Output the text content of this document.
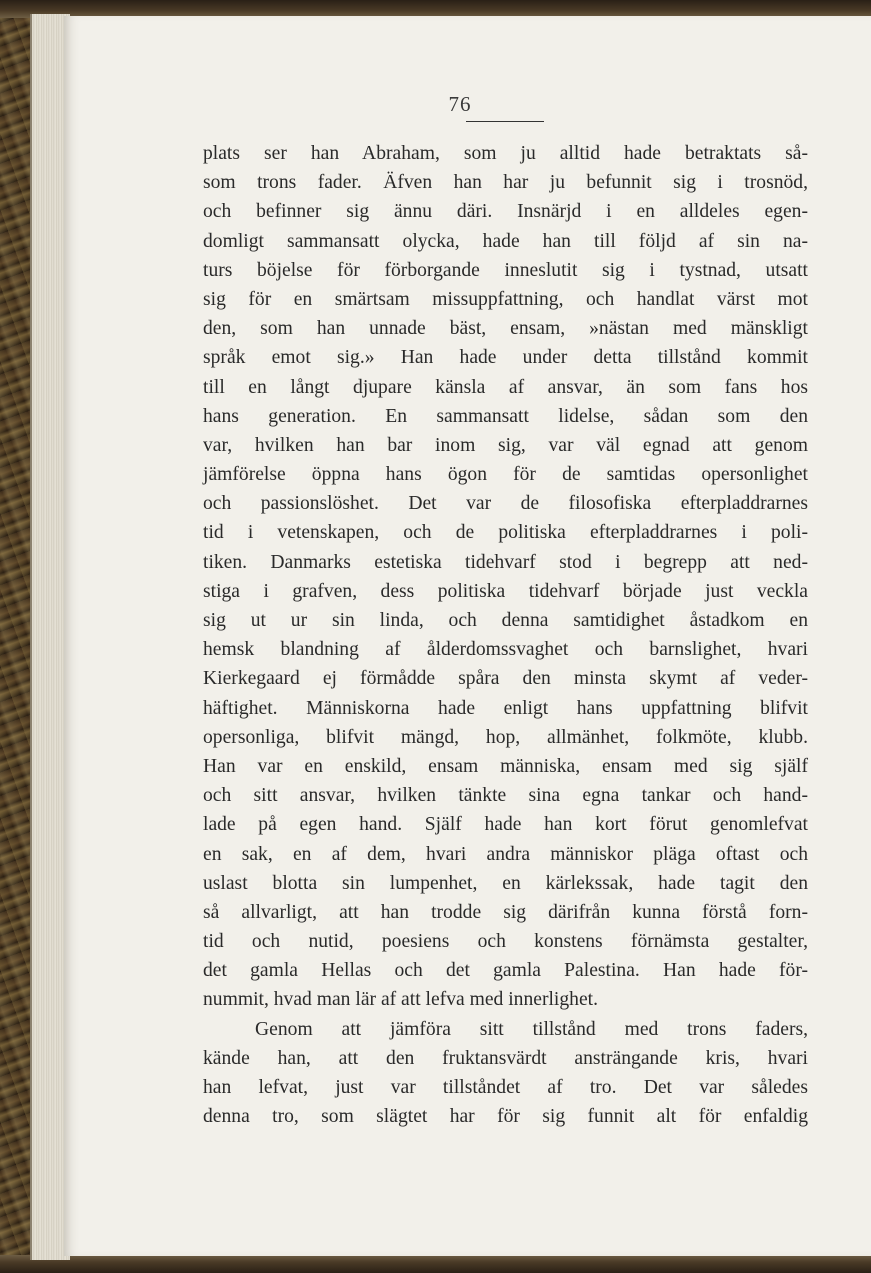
76
plats ser han Abraham, som ju alltid hade betraktats så-
som trons fader. Äfven han har ju befunnit sig i trosnöd,
och befinner sig ännu däri. Insnärjd i en alldeles egen-
domligt sammansatt olycka, hade han till följd af sin na-
turs böjelse för förborgande inneslutit sig i tystnad, utsatt
sig för en smärtsam missuppfattning, och handlat värst mot
den, som han unnade bäst, ensam, »nästan med mänskligt
språk emot sig.» Han hade under detta tillstånd kommit
till en långt djupare känsla af ansvar, än som fans hos
hans generation. En sammansatt lidelse, sådan som den
var, hvilken han bar inom sig, var väl egnad att genom
jämförelse öppna hans ögon för de samtidas opersonlighet
och passionslöshet. Det var de filosofiska efterpladdrarnes
tid i vetenskapen, och de politiska efterpladdrarnes i poli-
tiken. Danmarks estetiska tidehvarf stod i begrepp att ned-
stiga i grafven, dess politiska tidehvarf började just veckla
sig ut ur sin linda, och denna samtidighet åstadkom en
hemsk blandning af ålderdomssvaghet och barnslighet, hvari
Kierkegaard ej förmådde spåra den minsta skymt af veder-
häftighet. Människorna hade enligt hans uppfattning blifvit
opersonliga, blifvit mängd, hop, allmänhet, folkmöte, klubb.
Han var en enskild, ensam människa, ensam med sig själf
och sitt ansvar, hvilken tänkte sina egna tankar och hand-
lade på egen hand. Själf hade han kort förut genomlefvat
en sak, en af dem, hvari andra människor pläga oftast och
uslast blotta sin lumpenhet, en kärlekssak, hade tagit den
så allvarligt, att han trodde sig därifrån kunna förstå forn-
tid och nutid, poesiens och konstens förnämsta gestalter,
det gamla Hellas och det gamla Palestina. Han hade för-
nummit, hvad man lär af att lefva med innerlighet.
Genom att jämföra sitt tillstånd med trons faders,
kände han, att den fruktansvärdt ansträngande kris, hvari
han lefvat, just var tillståndet af tro. Det var således
denna tro, som slägtet har för sig funnit alt för enfaldig
